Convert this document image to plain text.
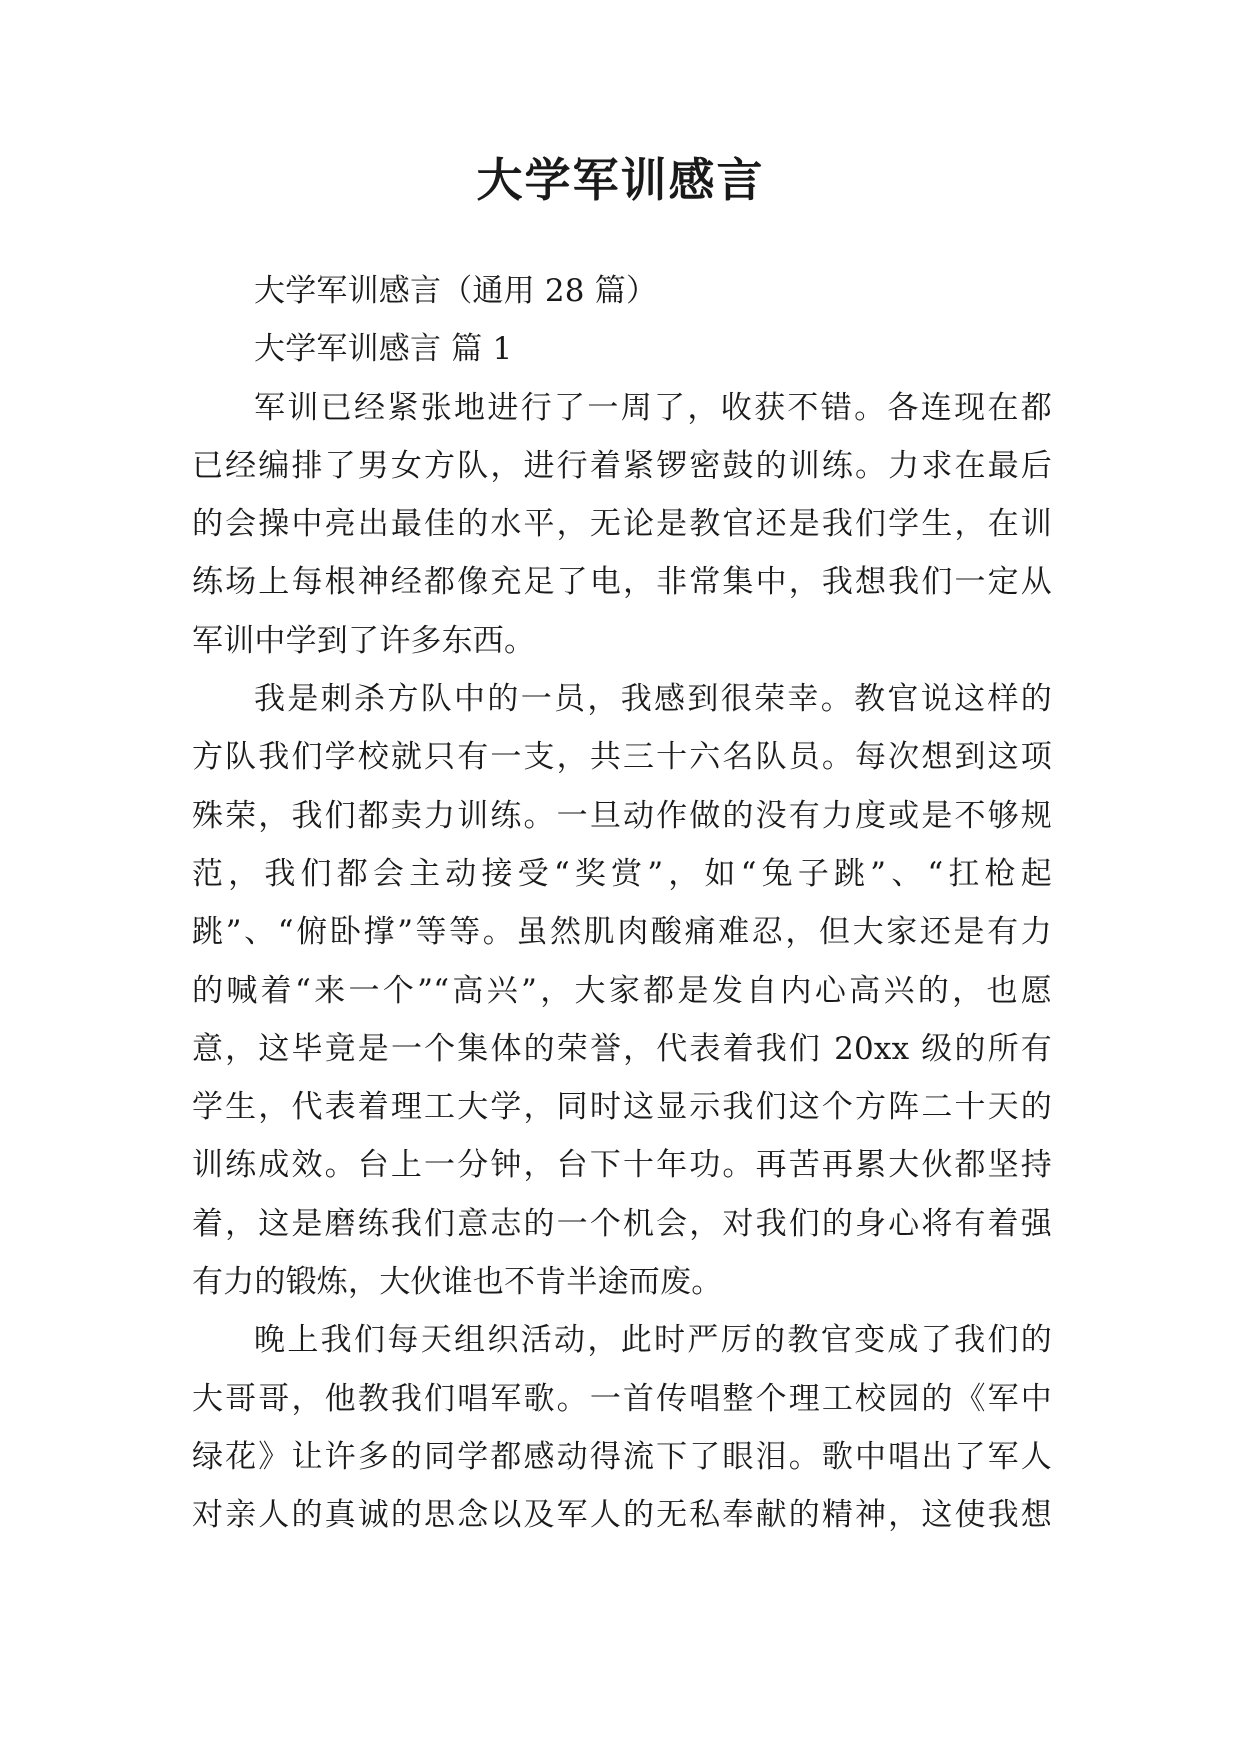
大学军训感言

大学军训感言（通用 28 篇）

大学军训感言 篇 1

军训已经紧张地进行了一周了，收获不错。各连现在都

已经编排了男女方队，进行着紧锣密鼓的训练。力求在最后

的会操中亮出最佳的水平，无论是教官还是我们学生，在训

练场上每根神经都像充足了电，非常集中，我想我们一定从

军训中学到了许多东西。

我是刺杀方队中的一员，我感到很荣幸。教官说这样的

方队我们学校就只有一支，共三十六名队员。每次想到这项

殊荣，我们都卖力训练。一旦动作做的没有力度或是不够规

范，我们都会主动接受“奖赏”，如“兔子跳”、“扛枪起

跳”、“俯卧撑”等等。虽然肌肉酸痛难忍，但大家还是有力

的喊着“来一个”“高兴”，大家都是发自内心高兴的，也愿

意，这毕竟是一个集体的荣誉，代表着我们 20xx 级的所有

学生，代表着理工大学，同时这显示我们这个方阵二十天的

训练成效。台上一分钟，台下十年功。再苦再累大伙都坚持

着，这是磨练我们意志的一个机会，对我们的身心将有着强

有力的锻炼，大伙谁也不肯半途而废。

晚上我们每天组织活动，此时严厉的教官变成了我们的

大哥哥，他教我们唱军歌。一首传唱整个理工校园的《军中

绿花》让许多的同学都感动得流下了眼泪。歌中唱出了军人

对亲人的真诚的思念以及军人的无私奉献的精神，这使我想
